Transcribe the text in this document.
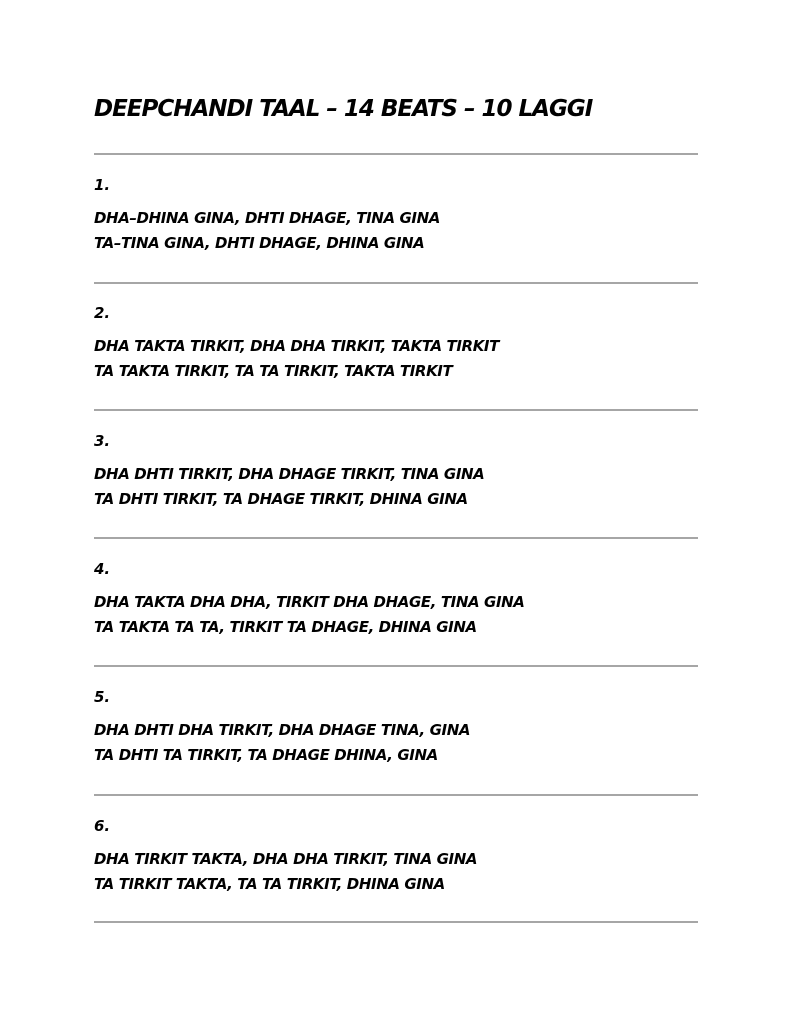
DEEPCHANDI TAAL – 14 BEATS – 10 LAGGI
1.
DHA–DHINA GINA, DHTI DHAGE, TINA GINA
TA–TINA GINA, DHTI DHAGE, DHINA GINA
2.
DHA TAKTA TIRKIT, DHA DHA TIRKIT, TAKTA TIRKIT
TA TAKTA TIRKIT, TA TA TIRKIT, TAKTA TIRKIT
3.
DHA DHTI TIRKIT, DHA DHAGE TIRKIT, TINA GINA
TA DHTI TIRKIT, TA DHAGE TIRKIT, DHINA GINA
4.
DHA TAKTA DHA DHA, TIRKIT DHA DHAGE, TINA GINA
TA TAKTA TA TA, TIRKIT TA DHAGE, DHINA GINA
5.
DHA DHTI DHA TIRKIT, DHA DHAGE TINA, GINA
TA DHTI TA TIRKIT, TA DHAGE DHINA, GINA
6.
DHA TIRKIT TAKTA, DHA DHA TIRKIT, TINA GINA
TA TIRKIT TAKTA, TA TA TIRKIT, DHINA GINA
